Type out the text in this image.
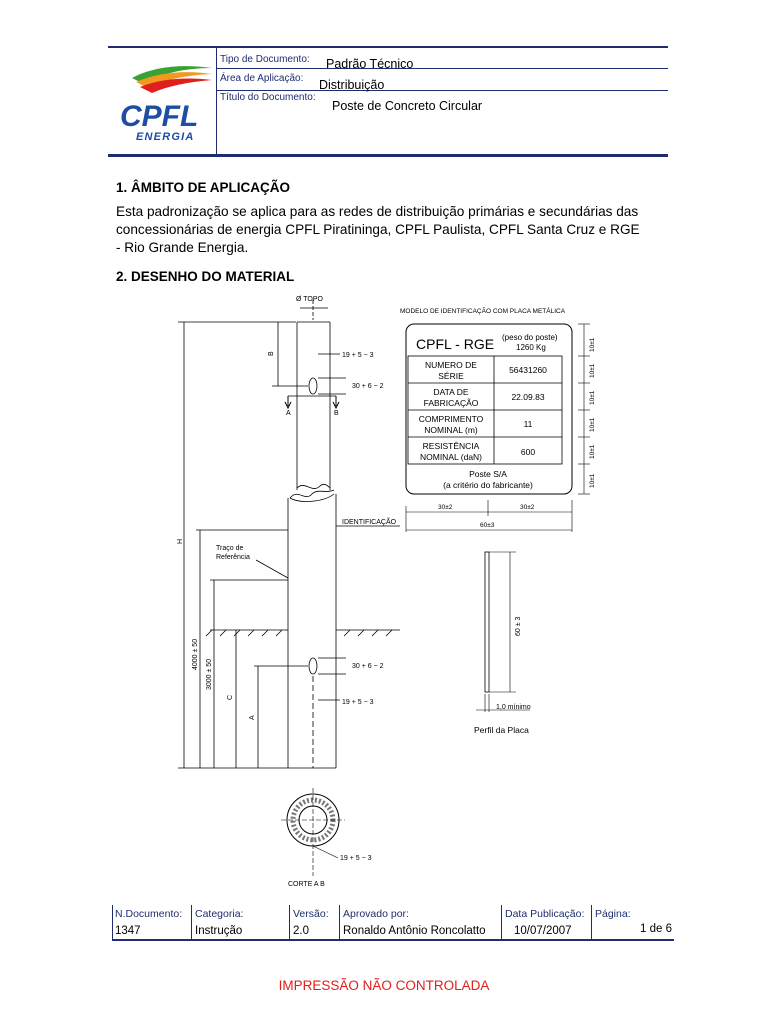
Tipo de Documento: Padrão Técnico
Área de Aplicação: Distribuição
Título do Documento:
Poste de Concreto Circular
CPFL
ENERGIA
1. ÂMBITO DE APLICAÇÃO
Esta padronização se aplica para as redes de distribuição primárias e secundárias das
concessionárias de energia CPFL Piratininga, CPFL Paulista, CPFL Santa Cruz e RGE
- Rio Grande Energia.
2. DESENHO DO MATERIAL
Ø TOPO
B
H
4000 ± 50
3000 ± 50
C
A
19 + 5 − 3
30 + 6 − 2
30 + 6 − 2
19 + 5 − 3
A	B
IDENTIFICAÇÃO
Traço de
Referência
CORTE A B
19 + 5 − 3
MODELO DE IDENTIFICAÇÃO COM PLACA METÁLICA
CPFL - RGE (peso do poste)
1260 Kg
NUMERO DE
SÉRIE
56431260
DATA DE
FABRICAÇÃO
22.09.83
COMPRIMENTO
NOMINAL (m)
11
RESISTÊNCIA
NOMINAL (daN)	600
Poste S/A
(a critério do fabricante)
10±1
10±1
10±1
10±1
10±1
10±1
30±2	30±2
60±3
60 ± 3
1,0 mínimo
Perfil da Placa
N.Documento:
1347
Categoria:
Instrução
Versão:
2.0
Aprovado por:
Ronaldo Antônio Roncolatto
Data Publicação:
10/07/2007
Página:
1 de 6
IMPRESSÃO NÃO CONTROLADA
